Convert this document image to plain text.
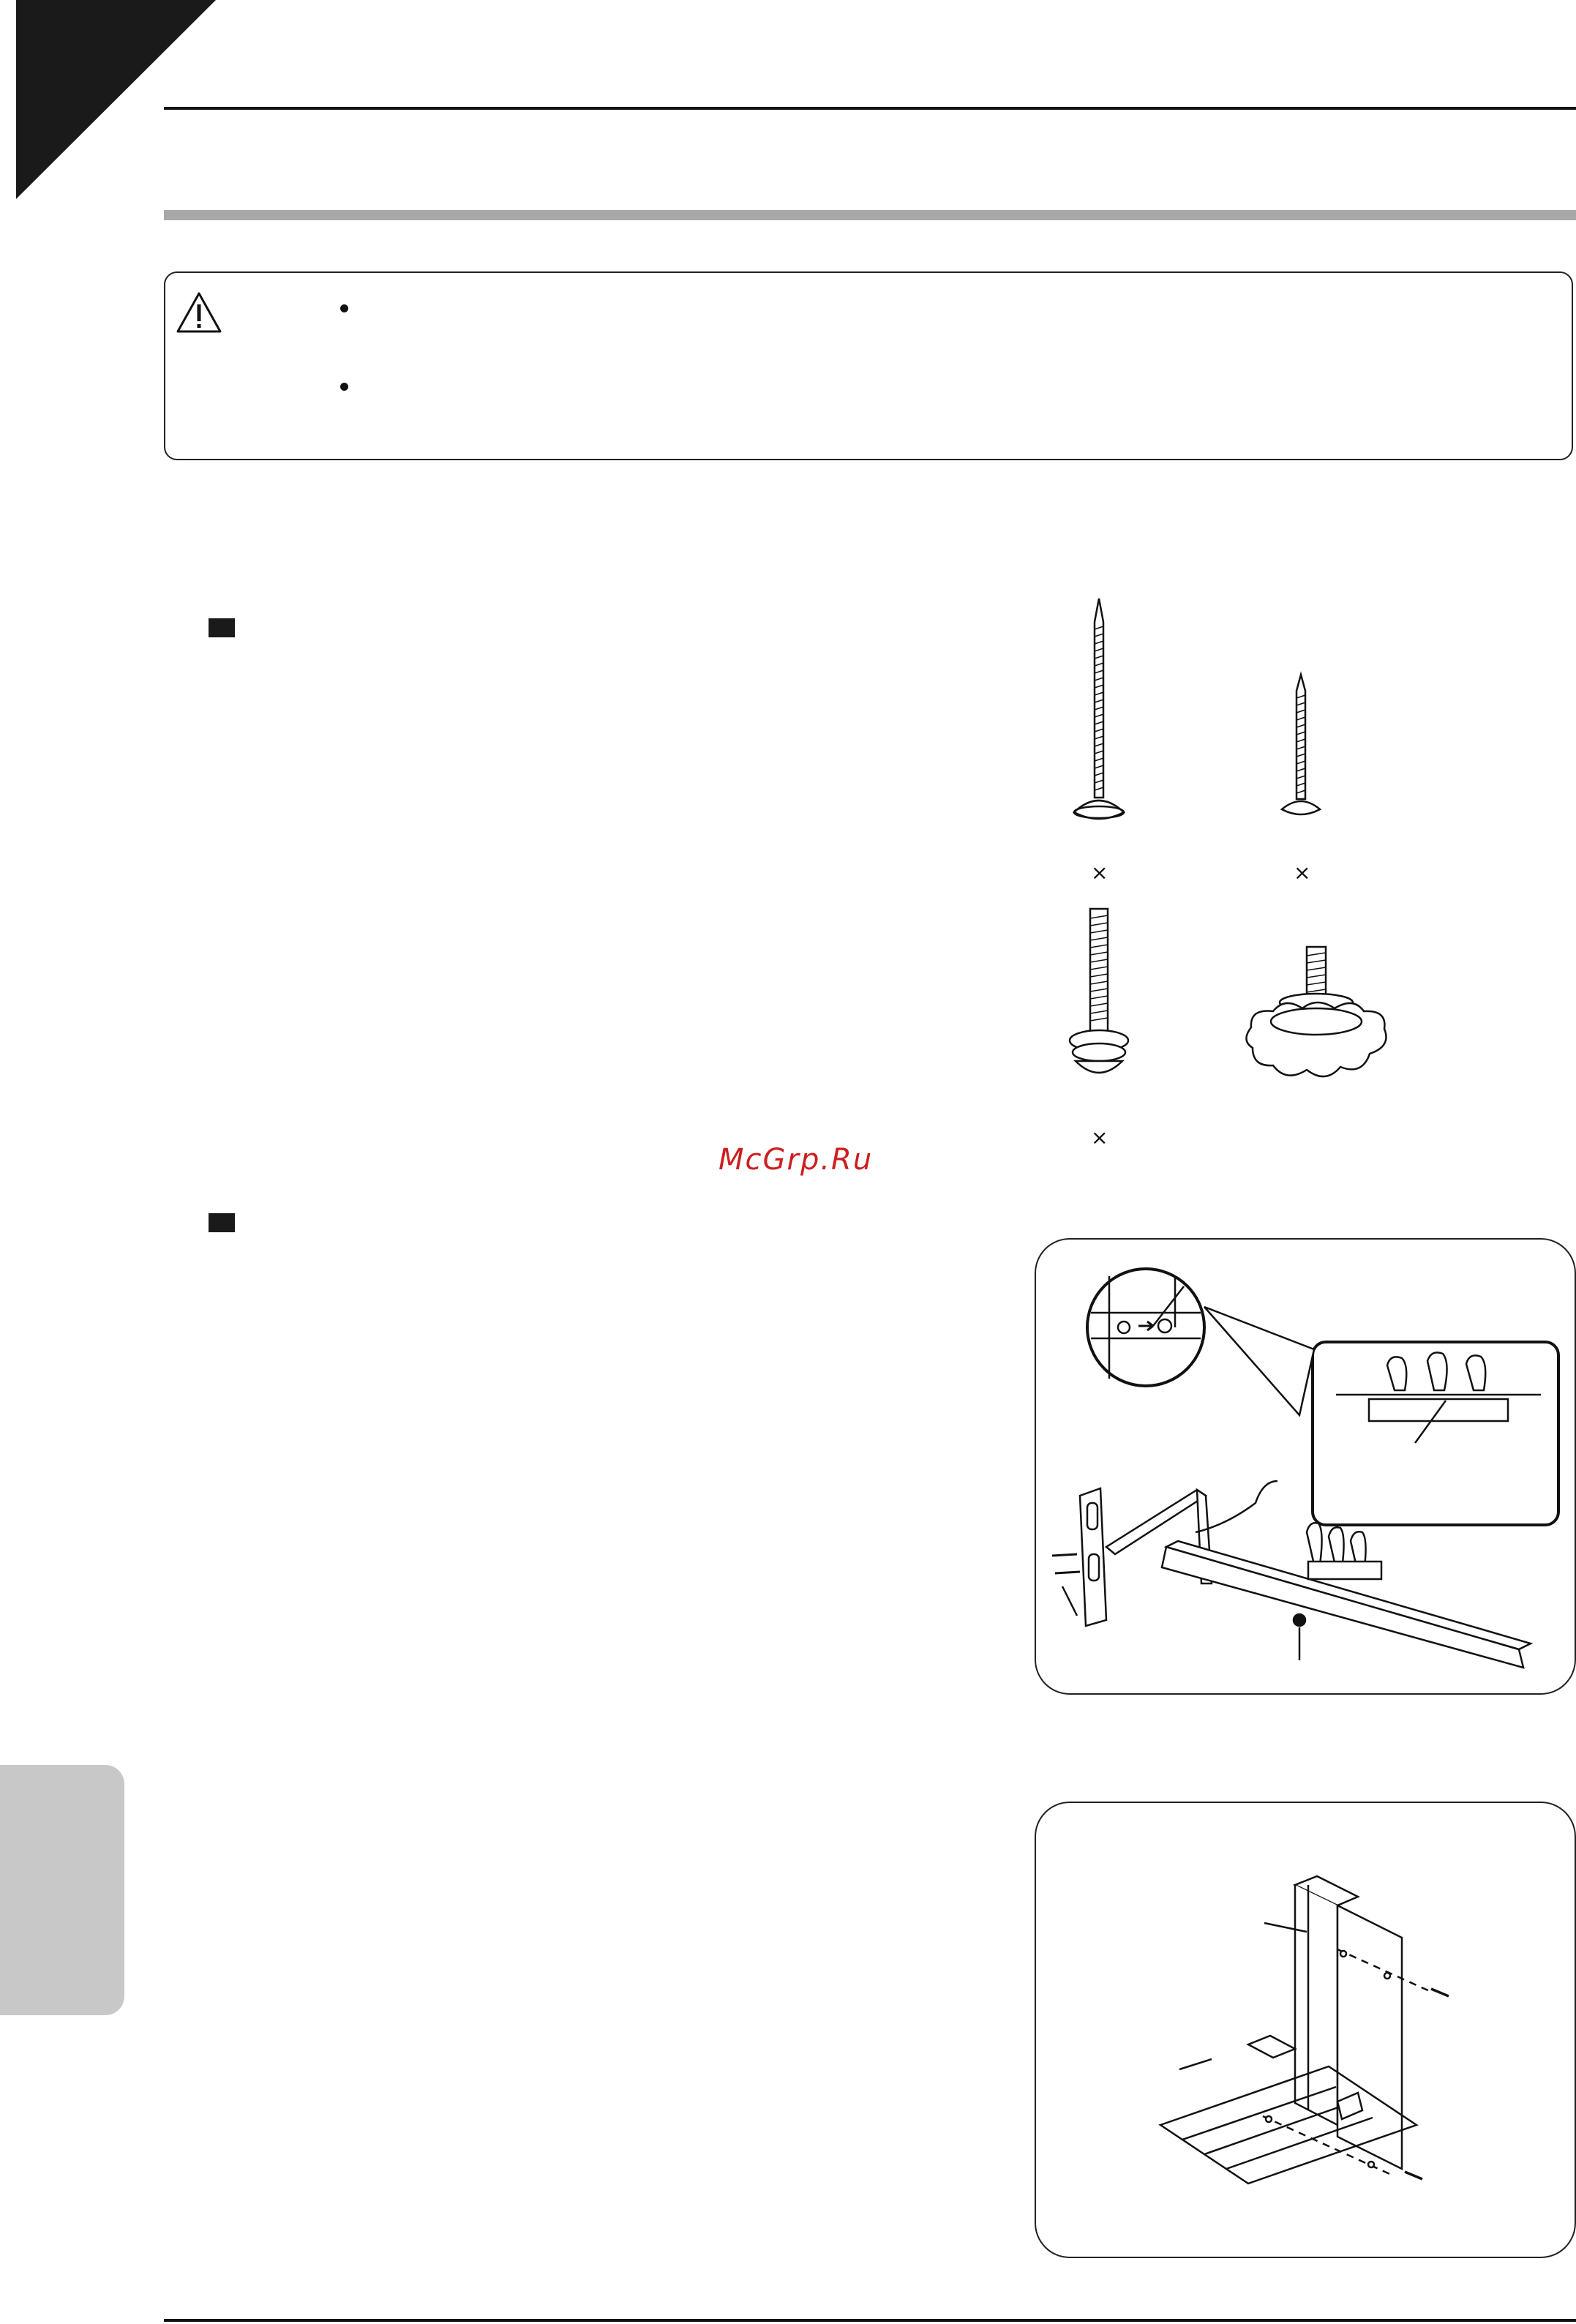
×	×
×
McGrp.Ru
